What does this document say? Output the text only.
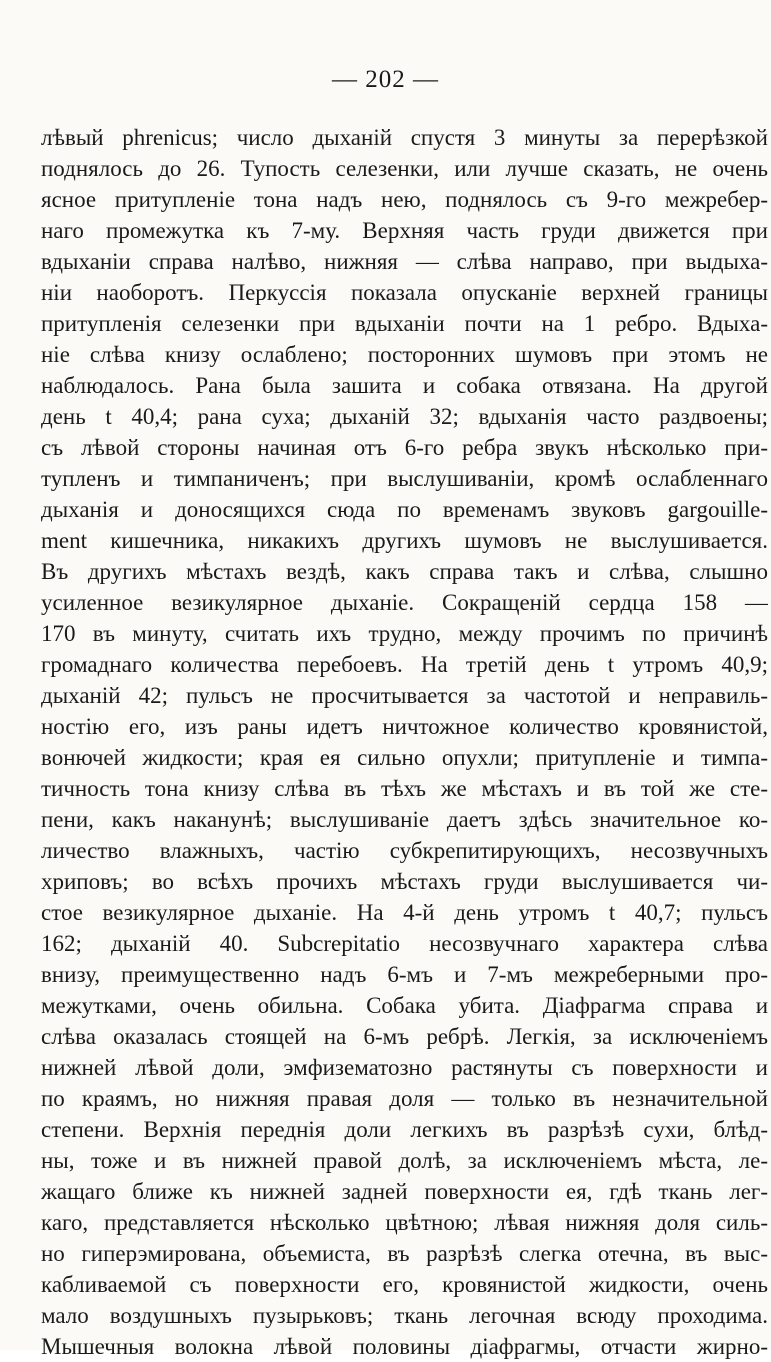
— 202 —
лѣвый phrenicus; число дыханій спустя 3 минуты за перерѣзкой
поднялось до 26. Тупость селезенки, или лучше сказать, не очень
ясное притупленіе тона надъ нею, поднялось съ 9-го межребер-
наго промежутка къ 7-му. Верхняя часть груди движется при
вдыханіи справа налѣво, нижняя — слѣва направо, при выдыха-
ніи наоборотъ. Перкуссія показала опусканіе верхней границы
притупленія селезенки при вдыханіи почти на 1 ребро. Вдыха-
ніе слѣва книзу ослаблено; посторонних шумовъ при этомъ не
наблюдалось. Рана была зашита и собака отвязана. На другой
день t 40,4; рана суха; дыханій 32; вдыханія часто раздвоены;
съ лѣвой стороны начиная отъ 6-го ребра звукъ нѣсколько при-
тупленъ и тимпаниченъ; при выслушиваніи, кромѣ ослабленнаго
дыханія и доносящихся сюда по временамъ звуковъ gargouille-
ment кишечника, никакихъ другихъ шумовъ не выслушивается.
Въ другихъ мѣстахъ вездѣ, какъ справа такъ и слѣва, слышно
усиленное везикулярное дыханіе. Сокращеній сердца 158 —
170 въ минуту, считать ихъ трудно, между прочимъ по причинѣ
громаднаго количества перебоевъ. На третій день t утромъ 40,9;
дыханій 42; пульсъ не просчитывается за частотой и неправиль-
ностію его, изъ раны идетъ ничтожное количество кровянистой,
вонючей жидкости; края ея сильно опухли; притупленіе и тимпа-
тичность тона книзу слѣва въ тѣхъ же мѣстахъ и въ той же сте-
пени, какъ наканунѣ; выслушиваніе даетъ здѣсь значительное ко-
личество влажныхъ, частію субкрепитирующихъ, несозвучныхъ
хриповъ; во всѣхъ прочихъ мѣстахъ груди выслушивается чи-
стое везикулярное дыханіе. На 4-й день утромъ t 40,7; пульсъ
162; дыханій 40. Subcrepitatio несозвучнаго характера слѣва
внизу, преимущественно надъ 6-мъ и 7-мъ межреберными про-
межутками, очень обильна. Собака убита. Діафрагма справа и
слѣва оказалась стоящей на 6-мъ ребрѣ. Легкія, за исключеніемъ
нижней лѣвой доли, эмфизематозно растянуты съ поверхности и
по краямъ, но нижняя правая доля — только въ незначительной
степени. Верхнія переднія доли легкихъ въ разрѣзѣ сухи, блѣд-
ны, тоже и въ нижней правой долѣ, за исключеніемъ мѣста, ле-
жащаго ближе къ нижней задней поверхности ея, гдѣ ткань лег-
каго, представляется нѣсколько цвѣтною; лѣвая нижняя доля силь-
но гиперэмирована, объемиста, въ разрѣзѣ слегка отечна, въ выс-
кабливаемой съ поверхности его, кровянистой жидкости, очень
мало воздушныхъ пузырьковъ; ткань легочная всюду проходима.
Мышечныя волокна лѣвой половины діафрагмы, отчасти жирно-
